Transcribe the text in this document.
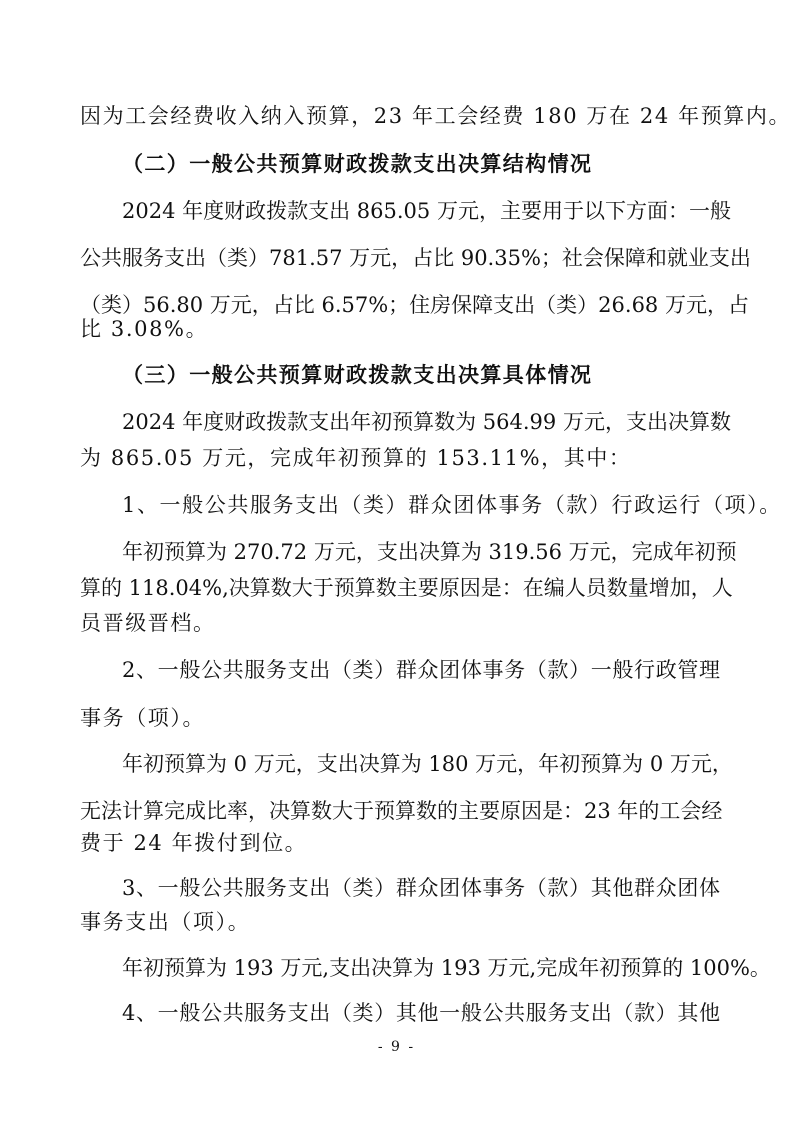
因为工会经费收入纳入预算，23 年工会经费 180 万在 24 年预算内。
（二）一般公共预算财政拨款支出决算结构情况
2024 年度财政拨款支出 865.05 万元，主要用于以下方面：一般
公共服务支出（类）781.57 万元，占比 90.35%；社会保障和就业支出
（类）56.80 万元，占比 6.57%；住房保障支出（类）26.68 万元，占
比 3.08%。
（三）一般公共预算财政拨款支出决算具体情况
2024 年度财政拨款支出年初预算数为 564.99 万元，支出决算数
为 865.05 万元，完成年初预算的 153.11%，其中：
1、一般公共服务支出（类）群众团体事务（款）行政运行（项）。
年初预算为 270.72 万元，支出决算为 319.56 万元，完成年初预
算的 118.04%,决算数大于预算数主要原因是：在编人员数量增加，人
员晋级晋档。
2、一般公共服务支出（类）群众团体事务（款）一般行政管理
事务（项）。
年初预算为 0 万元，支出决算为 180 万元，年初预算为 0 万元，
无法计算完成比率，决算数大于预算数的主要原因是：23 年的工会经
费于 24 年拨付到位。
3、一般公共服务支出（类）群众团体事务（款）其他群众团体
事务支出（项）。
年初预算为 193 万元,支出决算为 193 万元,完成年初预算的 100%。
4、一般公共服务支出（类）其他一般公共服务支出（款）其他
- 9 -
